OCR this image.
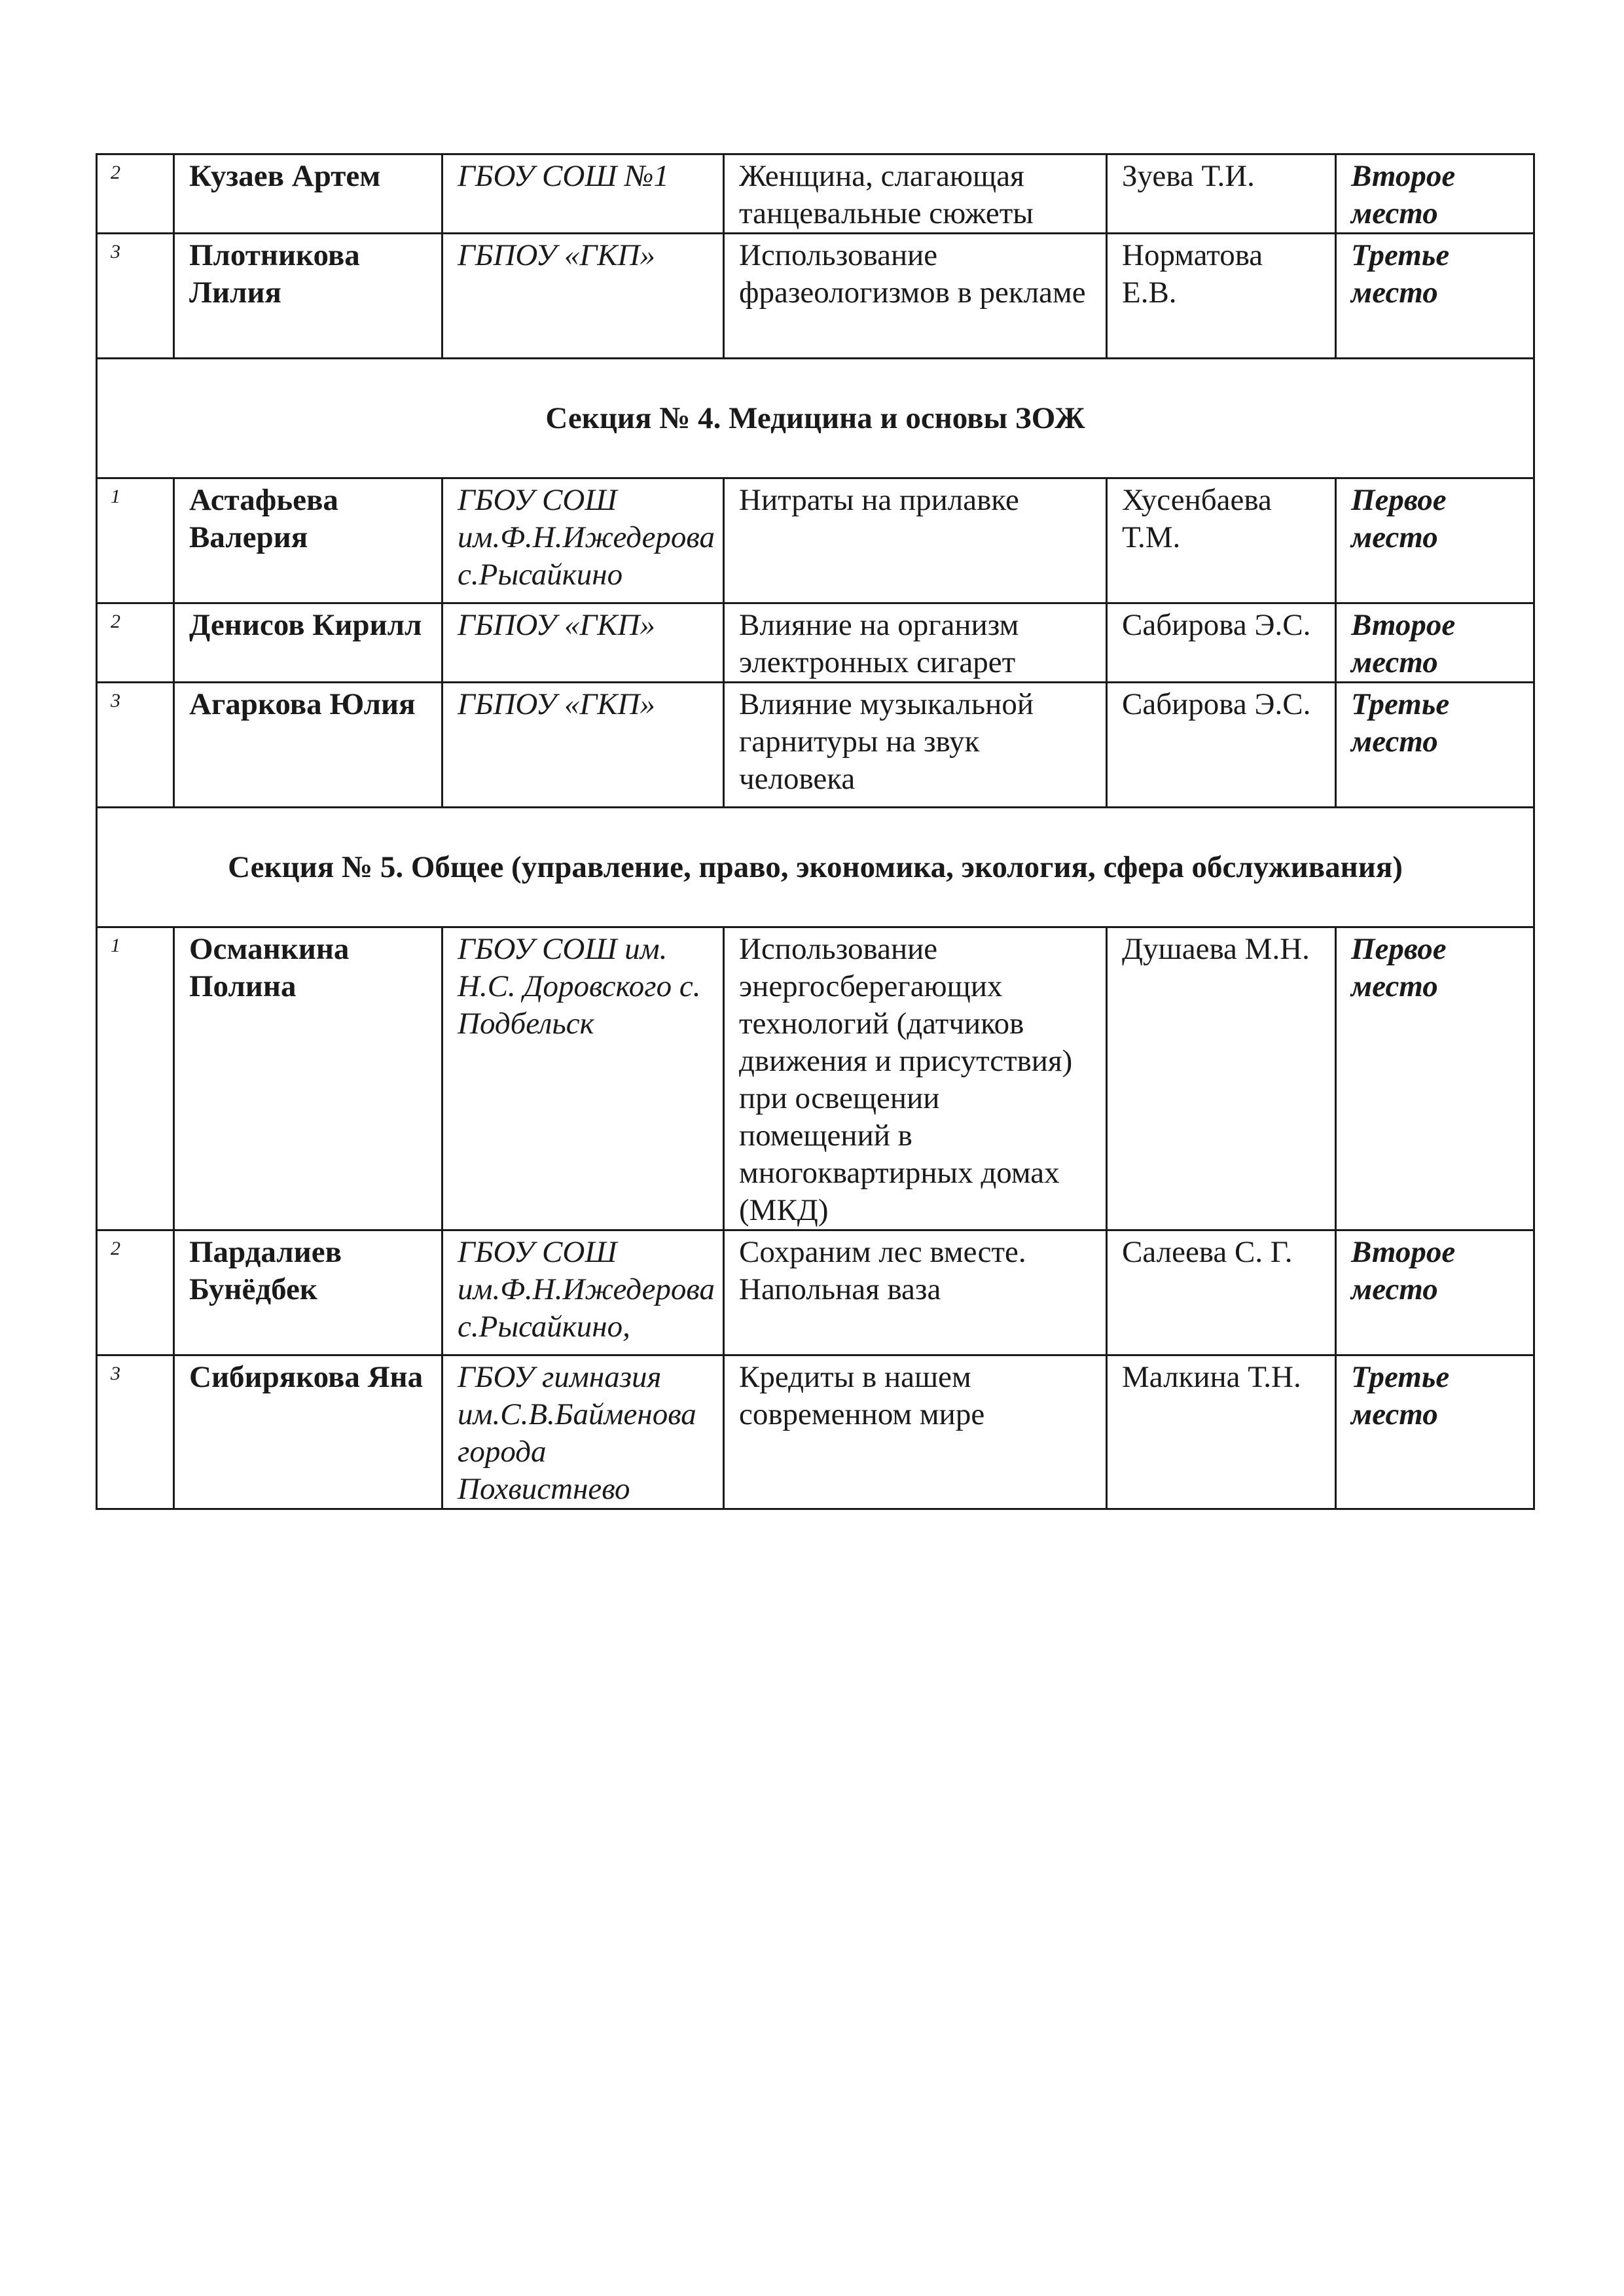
2	Кузаев Артем	ГБОУ СОШ №1	Женщина, слагающая танцевальные сюжеты	Зуева Т.И.	Второе место
3	Плотникова Лилия	ГБПОУ «ГКП»	Использование фразеологизмов в рекламе	Норматова Е.В.	Третье место
Секция № 4. Медицина и основы ЗОЖ					
1	Астафьева Валерия	ГБОУ СОШ им.Ф.Н.Ижедерова с.Рысайкино	Нитраты на прилавке	Хусенбаева Т.М.	Первое место
2	Денисов Кирилл	ГБПОУ «ГКП»	Влияние на организм электронных сигарет	Сабирова Э.С.	Второе место
3	Агаркова Юлия	ГБПОУ «ГКП»	Влияние музыкальной гарнитуры на звук человека	Сабирова Э.С.	Третье место
Секция № 5. Общее (управление, право, экономика, экология, сфера обслуживания)					
1	Османкина Полина	ГБОУ СОШ им. Н.С. Доровского с. Подбельск	Использование энергосберегающих технологий (датчиков движения и присутствия) при освещении помещений в многоквартирных домах (МКД)	Душаева М.Н.	Первое место
2	Пардалиев Бунёдбек	ГБОУ СОШ им.Ф.Н.Ижедерова с.Рысайкино,	Сохраним лес вместе. Напольная ваза	Салеева С. Г.	Второе место
3	Сибирякова Яна	ГБОУ гимназия им.С.В.Байменова города Похвистнево	Кредиты в нашем современном мире	Малкина Т.Н.	Третье место
